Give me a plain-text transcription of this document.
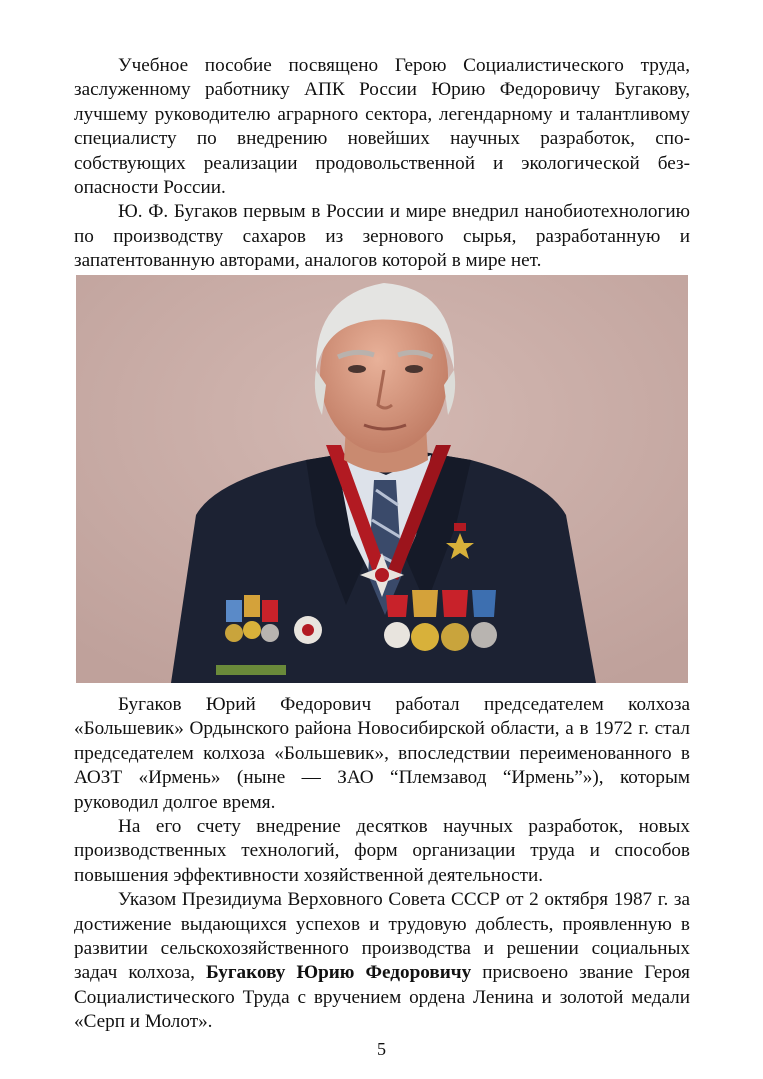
Учебное пособие посвящено Герою Социалистического труда, заслуженному работнику АПК России Юрию Федоровичу Бугакову, лучшему руководителю аграрного сектора, легендарному и талантливому специалисту по внедрению новейших научных разработок, способствующих реализации продовольственной и экологической безопасности России.

Ю. Ф. Бугаков первым в России и мире внедрил нанобиотехнологию по производству сахаров из зернового сырья, разработанную и запатентованную авторами, аналогов которой в мире нет.

Бугаков Юрий Федорович работал председателем колхоза «Большевик» Ордынского района Новосибирской области, а в 1972 г. стал председателем колхоза «Большевик», впоследствии переименованного в АОЗТ «Ирмень» (ныне — ЗАО “Племзавод “Ирмень”»), которым руководил долгое время.

На его счету внедрение десятков научных разработок, новых производственных технологий, форм организации труда и способов повышения эффективности хозяйственной деятельности.

Указом Президиума Верховного Совета СССР от 2 октября 1987 г. за достижение выдающихся успехов и трудовую доблесть, проявленную в развитии сельскохозяйственного производства и решении социальных задач колхоза, Бугакову Юрию Федоровичу присвоено звание Героя Социалистического Труда с вручением ордена Ленина и золотой медали «Серп и Молот».

5
